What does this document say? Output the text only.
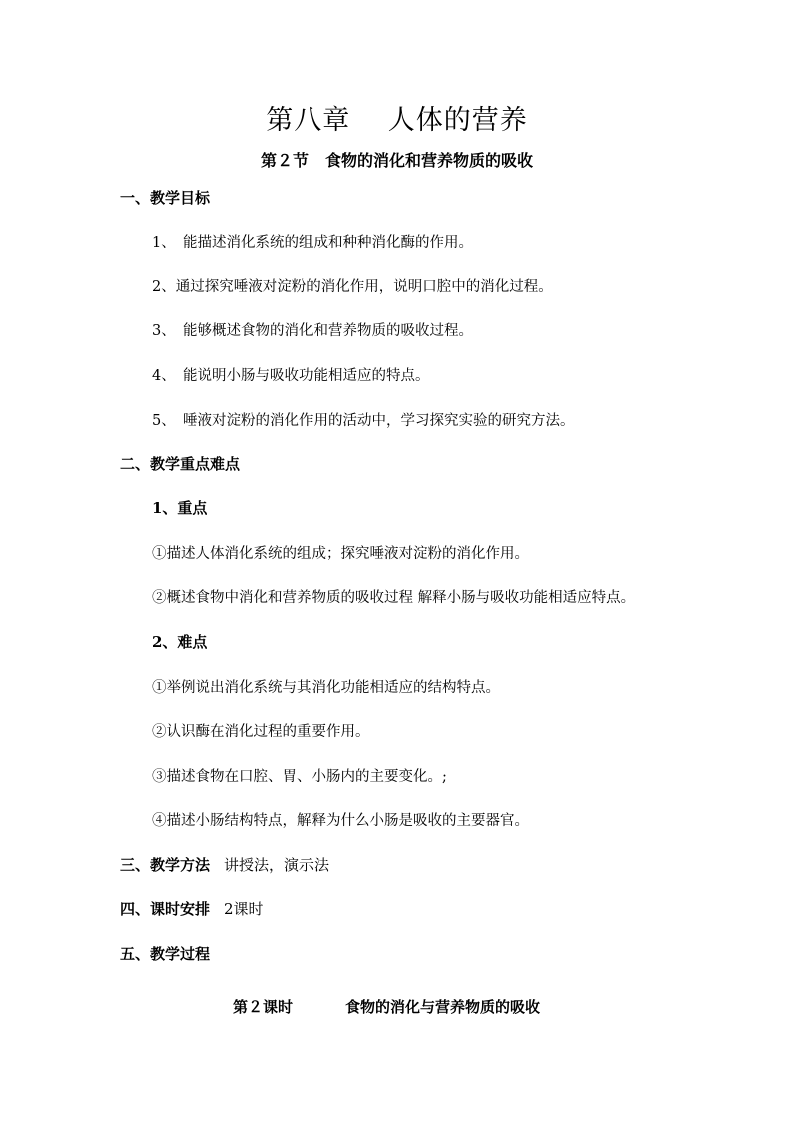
第八章　 人体的营养
第２节　食物的消化和营养物质的吸收
一、教学目标
1、　能描述消化系统的组成和种种消化酶的作用。
2、通过探究唾液对淀粉的消化作用，说明口腔中的消化过程。
3、　能够概述食物的消化和营养物质的吸收过程。
4、　能说明小肠与吸收功能相适应的特点。
5、　唾液对淀粉的消化作用的活动中，学习探究实验的研究方法。
二、教学重点难点
1、重点
①描述人体消化系统的组成；探究唾液对淀粉的消化作用。
②概述食物中消化和营养物质的吸收过程 解释小肠与吸收功能相适应特点。
2、难点
①举例说出消化系统与其消化功能相适应的结构特点。
②认识酶在消化过程的重要作用。
③描述食物在口腔、胃、小肠内的主要变化。;
④描述小肠结构特点，解释为什么小肠是吸收的主要器官。
三、教学方法 讲授法，演示法
四、课时安排 2课时
五、教学过程
第２课时	食物的消化与营养物质的吸收
